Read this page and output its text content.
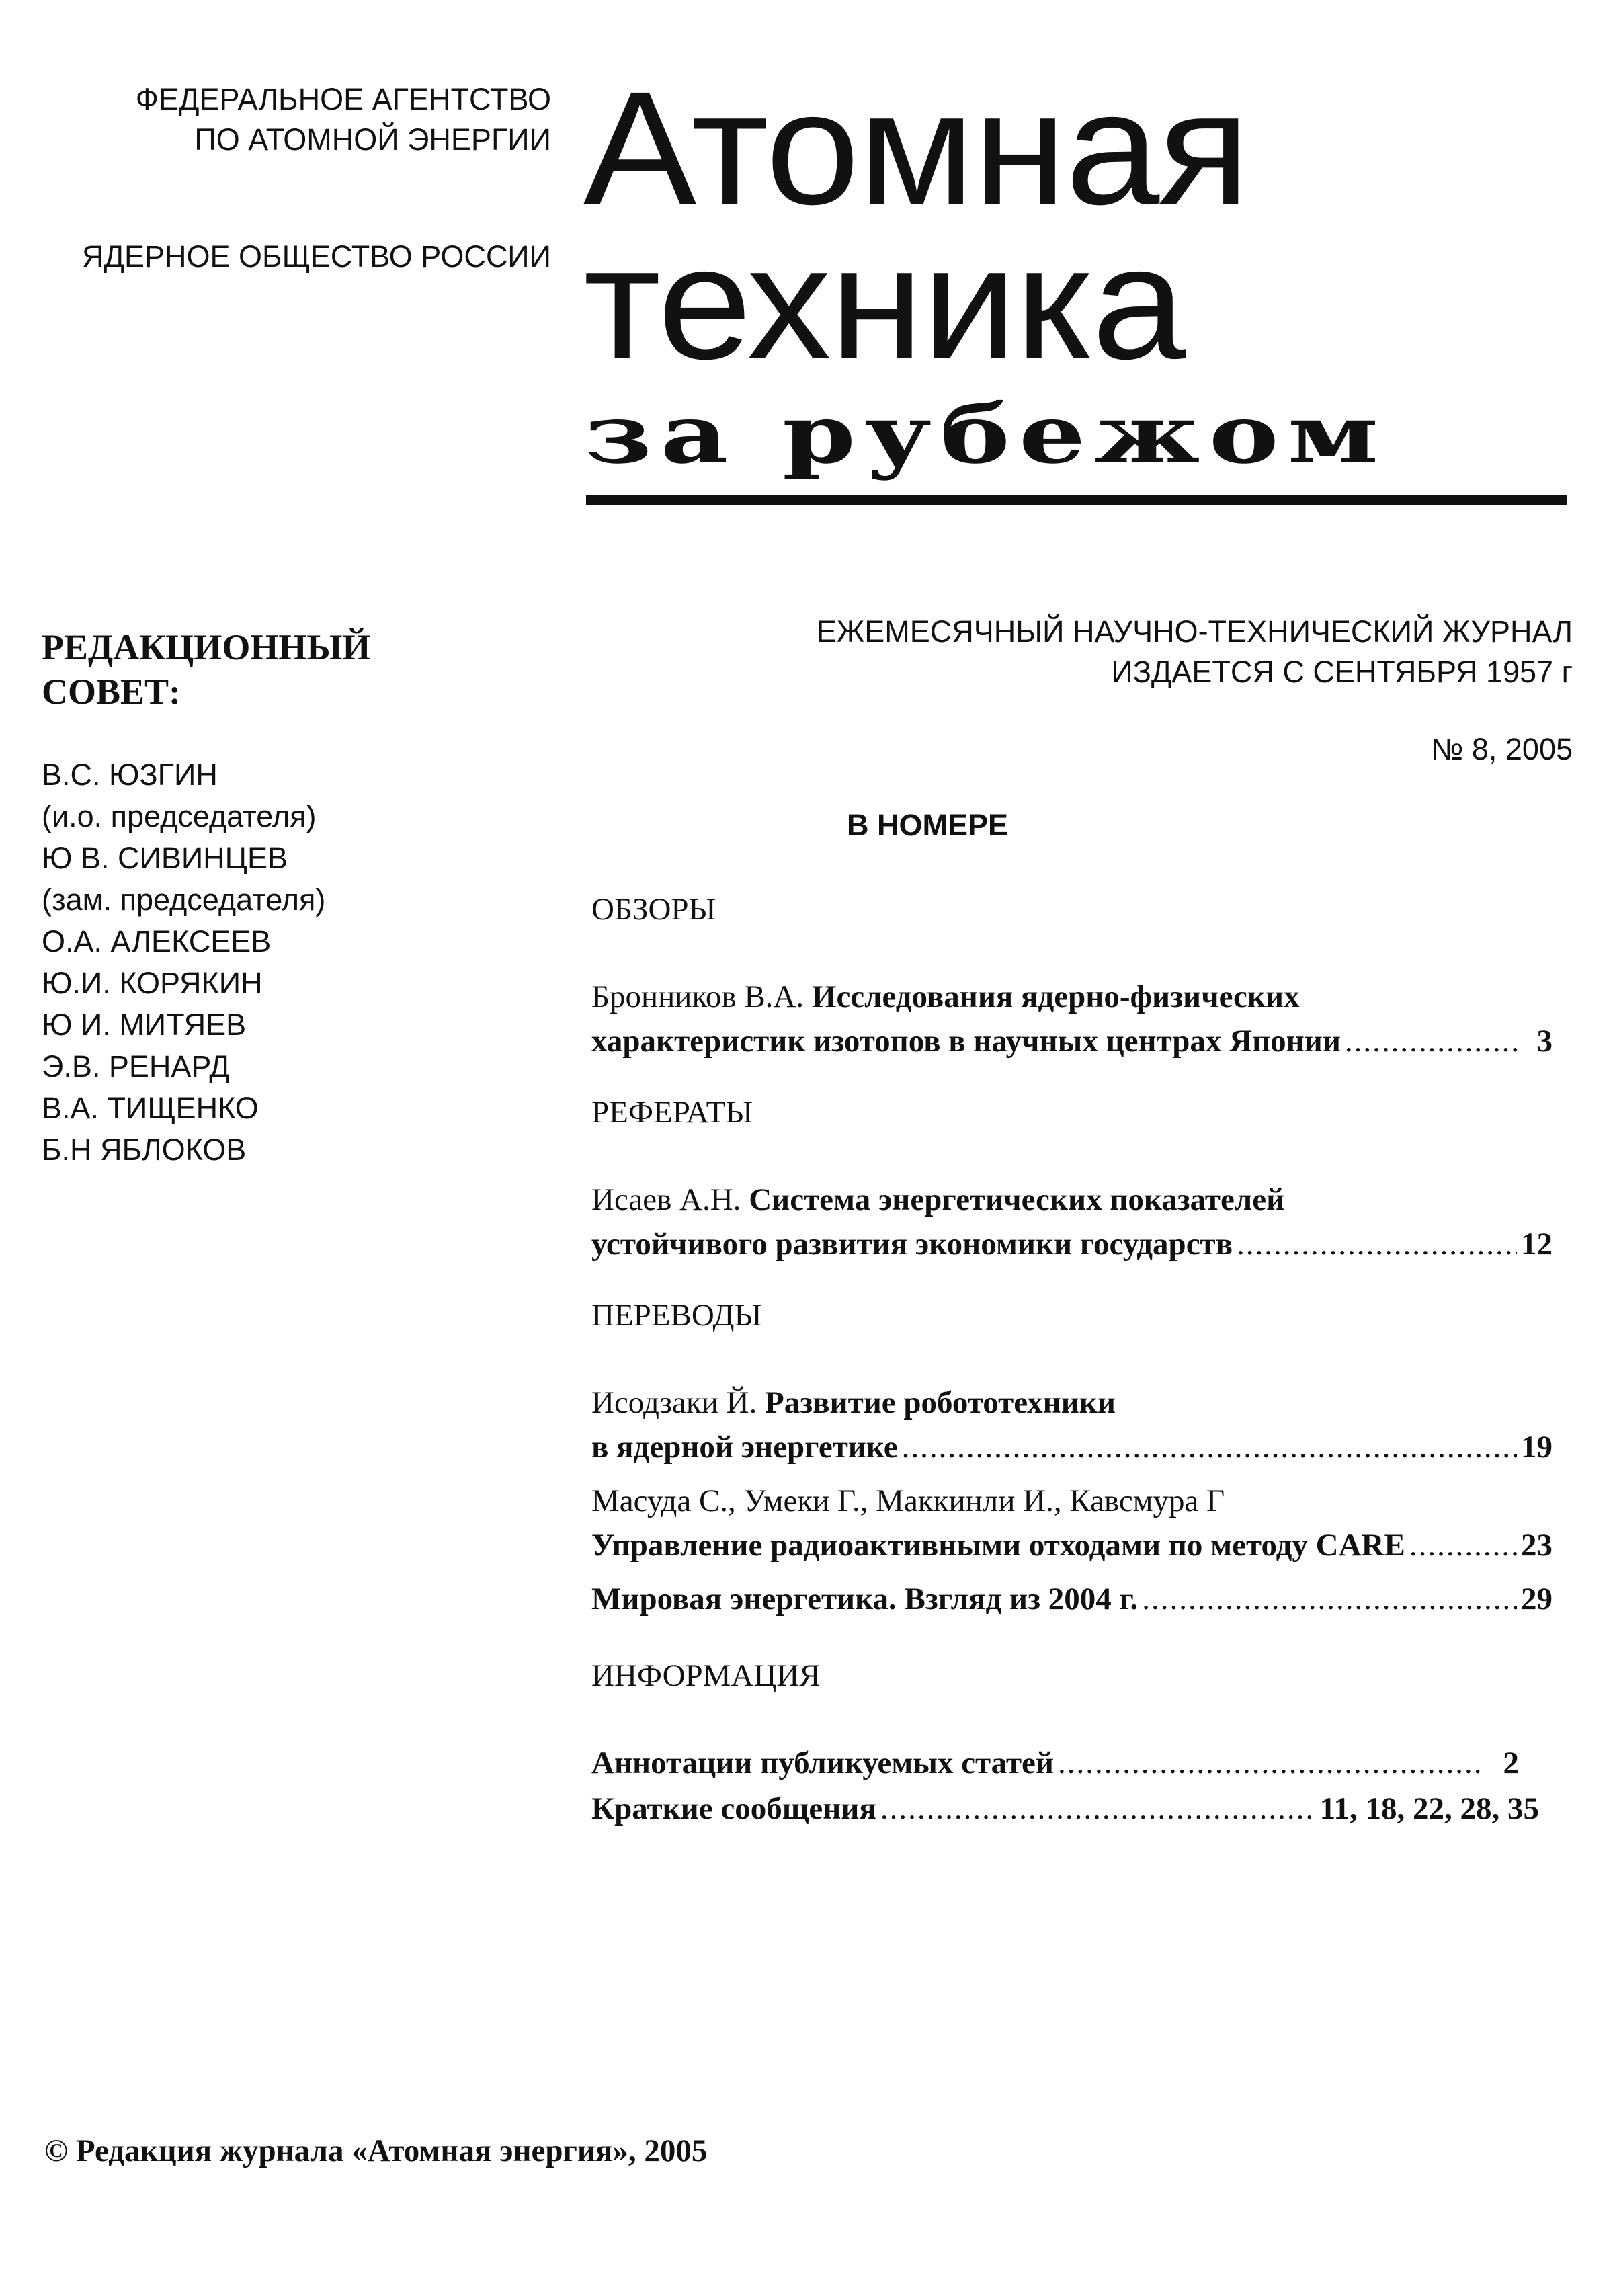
ФЕДЕРАЛЬНОЕ АГЕНТСТВО
ПО АТОМНОЙ ЭНЕРГИИ
ЯДЕРНОЕ ОБЩЕСТВО РОССИИ
Атомная
техника
за рубежом
РЕДАКЦИОННЫЙ
СОВЕТ:
В.С. ЮЗГИН
(и.о. председателя)
Ю В. СИВИНЦЕВ
(зам. председателя)
О.А. АЛЕКСЕЕВ
Ю.И. КОРЯКИН
Ю И. МИТЯЕВ
Э.В. РЕНАРД
В.А. ТИЩЕНКО
Б.Н ЯБЛОКОВ
ЕЖЕМЕСЯЧНЫЙ НАУЧНО-ТЕХНИЧЕСКИЙ ЖУРНАЛ
ИЗДАЕТСЯ С СЕНТЯБРЯ 1957 г
№ 8, 2005
В НОМЕРЕ
ОБЗОРЫ
Бронников В.А.
Исследования ядерно-физических
характеристик изотопов в научных центрах Японии .....	3
РЕФЕРАТЫ
Исаев А.Н.
Система энергетических показателей
устойчивого развития экономики государств .....	12
ПЕРЕВОДЫ
Исодзаки Й.
Развитие робототехники
в ядерной энергетике .....	19
Масуда С., Умеки Г., Маккинли И., Кавсмура Г
Управление радиоактивными отходами по методу CARE .....	23
Мировая энергетика. Взгляд из 2004 г. .....	29
ИНФОРМАЦИЯ
Аннотации публикуемых статей .....	2
Краткие сообщения .....	11, 18, 22, 28, 35
© Редакция журнала «Атомная энергия», 2005
